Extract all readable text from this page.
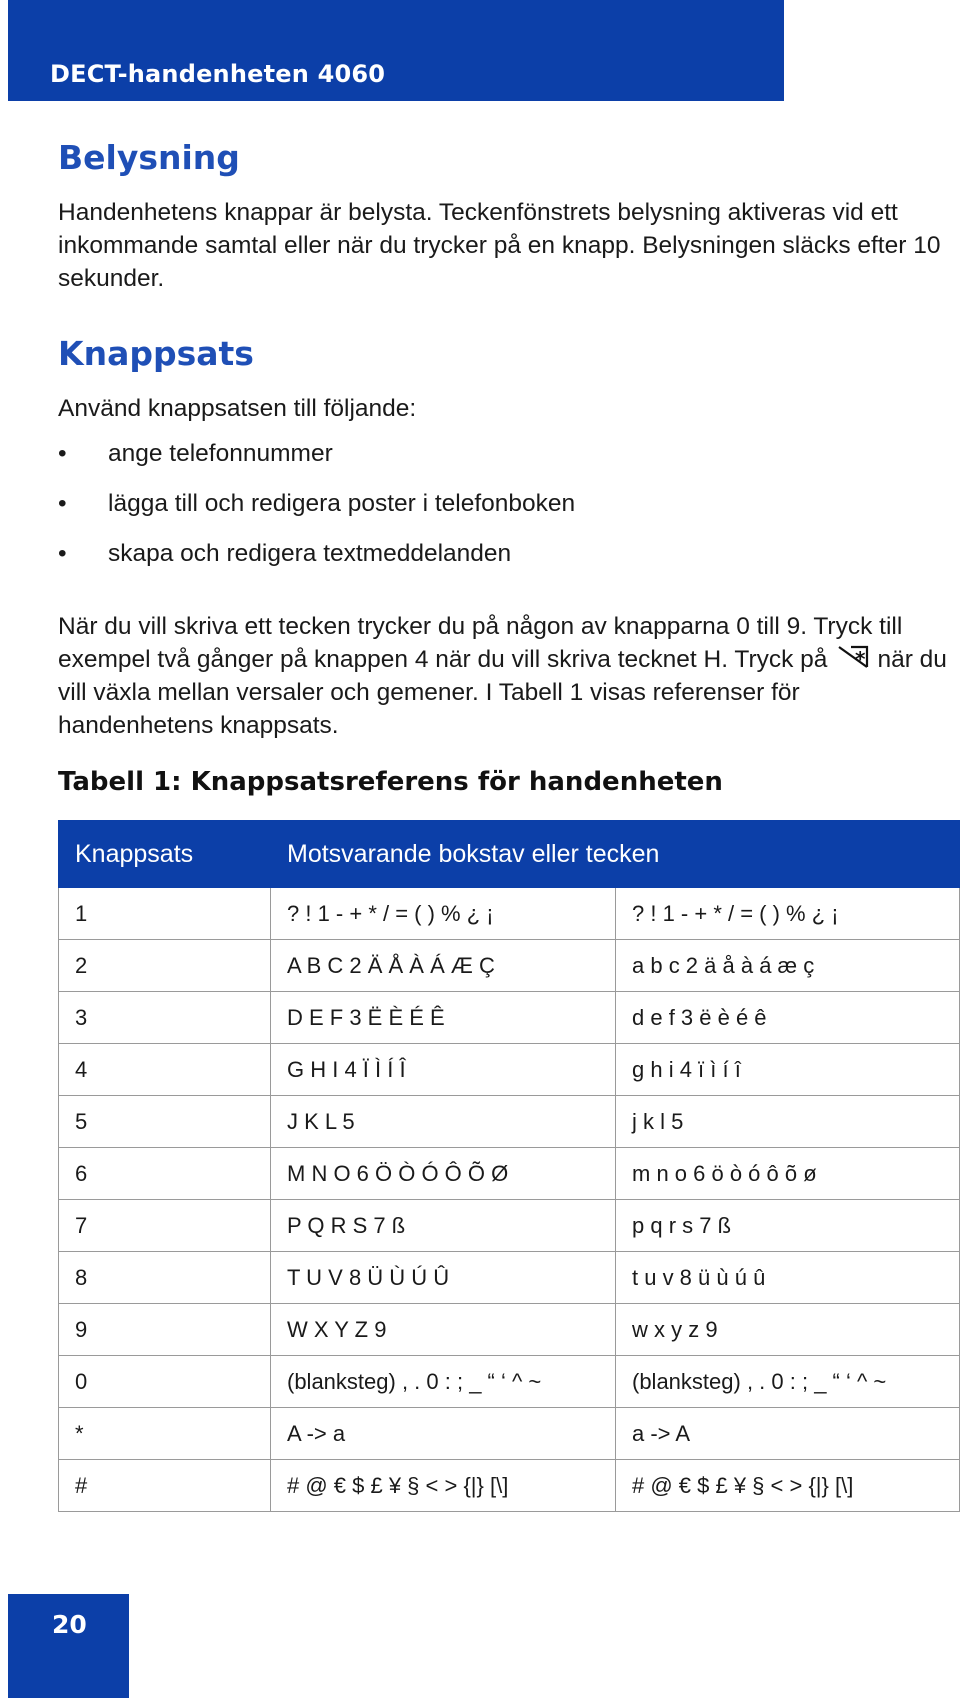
DECT-handenheten 4060
Belysning

Handenhetens knappar är belysta. Teckenfönstrets belysning aktiveras vid ett inkommande samtal eller när du trycker på en knapp. Belysningen släcks efter 10 sekunder.

Knappsats

Använd knappsatsen till följande:

•	ange telefonnummer
•	lägga till och redigera poster i telefonboken
•	skapa och redigera textmeddelanden

När du vill skriva ett tecken trycker du på någon av knapparna 0 till 9. Tryck till exempel två gånger på knappen 4 när du vill skriva tecknet H. Tryck på * när du vill växla mellan versaler och gemener. I Tabell 1 visas referenser för handenhetens knappsats.

Tabell 1: Knappsatsreferens för handenheten

Knappsats	Motsvarande bokstav eller tecken	
1	? ! 1 - + * / = ( ) % ¿ ¡	? ! 1 - + * / = ( ) % ¿ ¡
2	A B C 2 Ä Å À Á Æ Ç	a b c 2 ä å à á æ ç
3	D E F 3 Ë È É Ê	d e f 3 ë è é ê
4	G H I 4 Ï Ì Í Î	g h i 4 ï ì í î
5	J K L 5	j k l 5
6	M N O 6 Ö Ò Ó Ô Õ Ø	m n o 6 ö ò ó ô õ ø
7	P Q R S 7 ß	p q r s 7 ß
8	T U V 8 Ü Ù Ú Û	t u v 8 ü ù ú û
9	W X Y Z 9	w x y z 9
0	(blanksteg) , . 0 : ; _ “ ‘ ^ ~	(blanksteg) , . 0 : ; _ “ ‘ ^ ~
*	A -> a	a -> A
#	# @ € $ £ ¥ § < > {|} [\]	# @ € $ £ ¥ § < > {|} [\]
20
